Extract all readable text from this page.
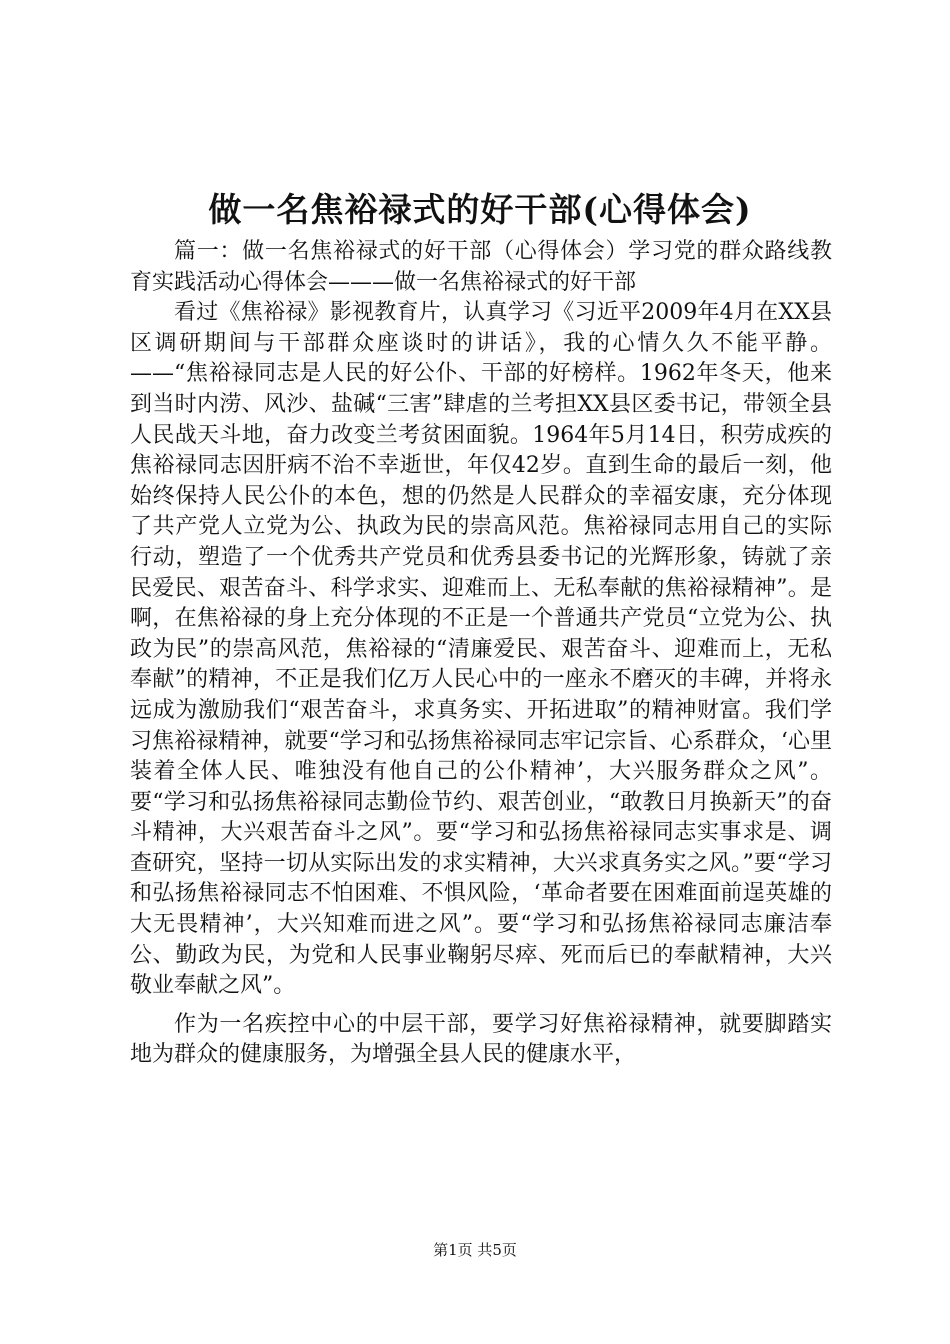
做一名焦裕禄式的好干部(心得体会)

篇一：做一名焦裕禄式的好干部（心得体会）学习党的群众路线教育实践活动心得体会———做一名焦裕禄式的好干部

看过《焦裕禄》影视教育片，认真学习《习近平2009年4月在XX县区调研期间与干部群众座谈时的讲话》，我的心情久久不能平静。——“焦裕禄同志是人民的好公仆、干部的好榜样。1962年冬天，他来到当时内涝、风沙、盐碱“三害”肆虐的兰考担XX县区委书记，带领全县人民战天斗地，奋力改变兰考贫困面貌。1964年5月14日，积劳成疾的焦裕禄同志因肝病不治不幸逝世，年仅42岁。直到生命的最后一刻，他始终保持人民公仆的本色，想的仍然是人民群众的幸福安康，充分体现了共产党人立党为公、执政为民的崇高风范。焦裕禄同志用自己的实际行动，塑造了一个优秀共产党员和优秀县委书记的光辉形象，铸就了亲民爱民、艰苦奋斗、科学求实、迎难而上、无私奉献的焦裕禄精神”。是啊，在焦裕禄的身上充分体现的不正是一个普通共产党员“立党为公、执政为民”的崇高风范，焦裕禄的“清廉爱民、艰苦奋斗、迎难而上，无私奉献”的精神，不正是我们亿万人民心中的一座永不磨灭的丰碑，并将永远成为激励我们“艰苦奋斗，求真务实、开拓进取”的精神财富。我们学习焦裕禄精神，就要“学习和弘扬焦裕禄同志牢记宗旨、心系群众，‘心里装着全体人民、唯独没有他自己的公仆精神’，大兴服务群众之风”。要“学习和弘扬焦裕禄同志勤俭节约、艰苦创业，“敢教日月换新天”的奋斗精神，大兴艰苦奋斗之风”。要“学习和弘扬焦裕禄同志实事求是、调查研究，坚持一切从实际出发的求实精神，大兴求真务实之风。”要“学习和弘扬焦裕禄同志不怕困难、不惧风险，‘革命者要在困难面前逞英雄的大无畏精神’，大兴知难而进之风”。要“学习和弘扬焦裕禄同志廉洁奉公、勤政为民，为党和人民事业鞠躬尽瘁、死而后已的奉献精神，大兴敬业奉献之风”。

作为一名疾控中心的中层干部，要学习好焦裕禄精神，就要脚踏实地为群众的健康服务，为增强全县人民的健康水平，

第1页 共5页
